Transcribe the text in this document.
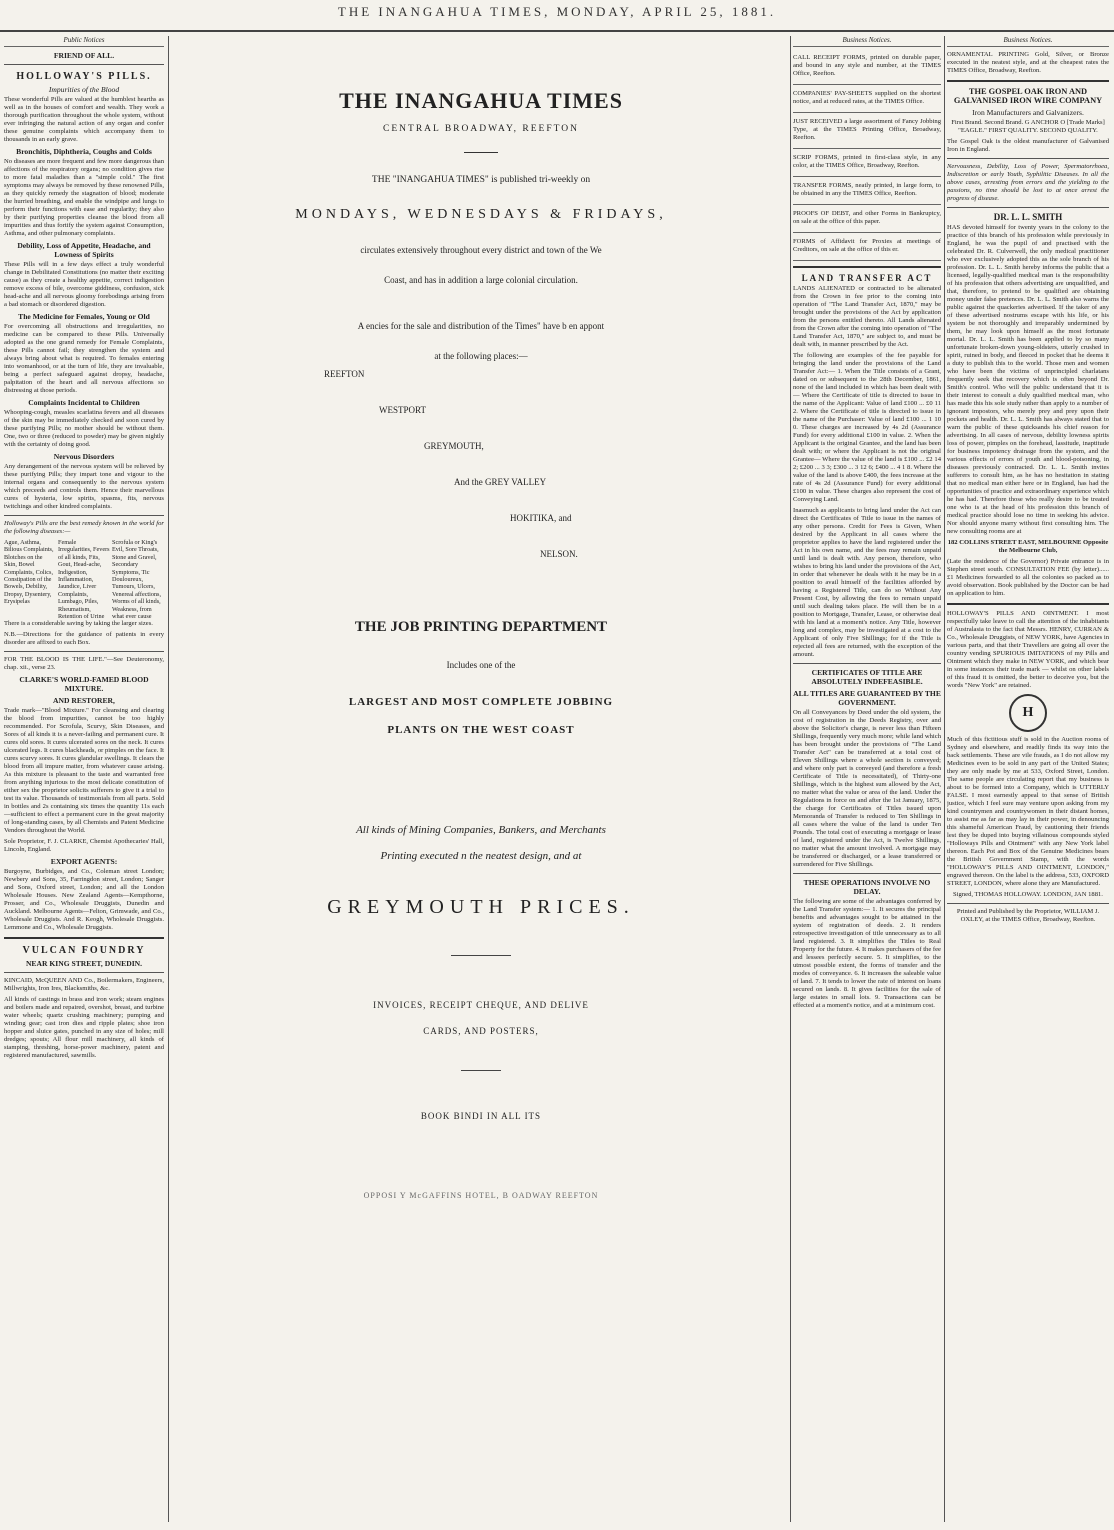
THE INANGAHUA TIMES, MONDAY, APRIL 25, 1881.
Public Notices
FRIEND OF ALL.
HOLLOWAY'S PILLS.
Impurities of the Blood

These wonderful Pills are valued at the humblest hearths as well as in the houses of comfort and wealth. They work a thorough purification throughout the whole system, without ever infringing the natural action of any organ and confer these genuine complaints which accompany them to thousands in an early grave.

Bronchitis, Diphtheria, Coughs and Colds

No diseases are more frequent and few more dangerous than affections of the respiratory organs; no condition gives rise to more fatal maladies than a "simple cold." The first symptoms may always be removed by these renowned Pills, as they quickly remedy the stagnation of blood; moderate the hurried breathing, and enable the windpipe and lungs to perform their functions with ease and regularity; they also by their purifying properties cleanse the blood from all impurities and thus fortify the system against Consumption, Asthma, and other pulmonary complaints.

Debility, Loss of Appetite, Headache, and Lowness of Spirits

These Pills will in a few days effect a truly wonderful change in Debilitated Constitutions (no matter their exciting cause) as they create a healthy appetite, correct indigestion remove excess of bile, overcome giddiness, confusion, sick head-ache and all nervous gloomy forebodings arising from a bad stomach or disordered digestion.

The Medicine for Females, Young or Old

For overcoming all obstructions and irregularities, no medicine can be compared to these Pills. Universally adopted as the one grand remedy for Female Complaints, these Pills cannot fail; they strengthen the system and always bring about what is required. To females entering into womanhood, or at the turn of life, they are invaluable, being a perfect safeguard against dropsy, headache, palpitation of the heart and all nervous affections so distressing at those periods.

Complaints Incidental to Children

Whooping-cough, measles scarlatina fevers and all diseases of the skin may be immediately checked and soon cured by these purifying Pills; no mother should be without them. One, two or three (reduced to powder) may be given nightly with the certainty of doing good.

Nervous Disorders

Any derangement of the nervous system will be relieved by these purifying Pills; they impart tone and vigour to the internal organs and consequently to the nervous system which preceeds and controls them. Hence their marvellous cures of hysteria, low spirits, spasms, fits, nervous twitchings and other kindred complaints.

Holloway's Pills are the best remedy known in the world for the following diseases:—

Ague, Asthma, Bilious Complaints, Blotches on the Skin, Bowel Complaints, Colics, Constipation of the Bowels, Debility, Dropsy, Dysentery, Erysipelas
Female Irregularities, Fevers of all kinds, Fits, Gout, Head-ache, Indigestion, Inflammation, Jaundice, Liver Complaints, Lumbago, Piles, Rheumatism, Retention of Urine
Scrofula or King's Evil, Sore Throats, Stone and Gravel, Secondary Symptoms, Tic Douloureux, Tumours, Ulcers, Venereal affections, Worms of all kinds, Weakness, from what ever cause

There is a considerable saving by taking the larger sizes.

N.B.—Directions for the guidance of patients in every disorder are affixed to each Box.

FOR THE BLOOD IS THE LIFE."—See Deuteronomy, chap. xii., verse 23.

CLARKE'S WORLD-FAMED BLOOD MIXTURE.
AND RESTORER,

Trade mark—"Blood Mixture." For cleansing and clearing the blood from impurities, cannot be too highly recommended. For Scrofula, Scurvy, Skin Diseases, and Sores of all kinds it is a never-failing and permanent cure. It cures old sores. It cures ulcerated sores on the neck. It cures ulcerated legs. It cures blackheads, or pimples on the face. It cures scurvy sores. It cures glandular swellings. It clears the blood from all impure matter, from whatever cause arising. As this mixture is pleasant to the taste and warranted free from anything injurious to the most delicate constitution of either sex the proprietor solicits sufferers to give it a trial to test its value. Thousands of testimonials from all parts. Sold in bottles and 2s containing six times the quantity 11s each—sufficient to effect a permanent cure in the great majority of long-standing cases, by all Chemists and Patent Medicine Vendors throughout the World.

Sole Proprietor, F. J. CLARKE, Chemist Apothecaries' Hall, Lincoln, England.

EXPORT AGENTS:

Burgoyne, Burbidges, and Co., Coleman street London; Newbery and Sons, 35, Farringdon street, London; Sanger and Sons, Oxford street, London; and all the London Wholesale Houses. New Zealand Agents—Kempthorne, Prosser, and Co., Wholesale Druggists, Dunedin and Auckland. Melbourne Agents—Felton, Grimwade, and Co., Wholesale Druggists. And R. Keogh, Wholesale Druggists. Lemmone and Co., Wholesale Druggists.

VULCAN FOUNDRY
NEAR KING STREET, DUNEDIN.

KINCAID, McQUEEN AND Co., Boilermakers, Engineers, Millwrights, Iron Ires, Blacksmiths, &c.

All kinds of castings in brass and iron work; steam engines and boilers made and repaired, overshot, breast, and turbine water wheels; quartz crushing machinery; pumping and winding gear; cast iron dies and ripple plates; shoe iron hopper and sluice gates, punched in any size of holes; mill dredges; spouts; All flour mill machinery, all kinds of stamping, threshing, horse-power machinery, patent and registered manufactured, sawmills.

THE INANGAHUA TIMES
CENTRAL BROADWAY, REEFTON
THE "INANGAHUA TIMES" is published tri-weekly on
MONDAYS, WEDNESDAYS & FRIDAYS,
circulates extensively throughout every district and town of the We
Coast, and has in addition a large colonial circulation.
A encies for the sale and distribution of the Times" have b en appont
at the following places:—
REEFTON
WESTPORT
GREYMOUTH,
And the GREY VALLEY
HOKITIKA, and
NELSON.
THE JOB PRINTING DEPARTMENT
Includes one of the
LARGEST AND MOST COMPLETE JOBBING
PLANTS ON THE WEST COAST
All kinds of Mining Companies, Bankers, and Merchants
Printing executed n the neatest design, and at
GREYMOUTH PRICES.
INVOICES, RECEIPT CHEQUE, AND DELIVE
CARDS, AND POSTERS,
BOOK BINDI IN ALL ITS
OPPOSI Y McGAFFINS HOTEL, B OADWAY REEFTON
Business Notices.

CALL RECEIPT FORMS, printed on durable paper, and bound in any style and number, at the TIMES Office, Reefton.

COMPANIES' PAY-SHEETS supplied on the shortest notice, and at reduced rates, at the TIMES Office.

JUST RECEIVED a large assortment of Fancy Jobbing Type, at the TIMES Printing Office, Broadway, Reefton.

SCRIP FORMS, printed in first-class style, in any color, at the TIMES Office, Broadway, Reefton.

TRANSFER FORMS, neatly printed, in large form, to be obtained in any the TIMES Office, Reefton.

PROOFS OF DEBT, and other Forms in Bankruptcy, on sale at the office of this paper.

FORMS of Affidavit for Proxies at meetings of Creditors, on sale at the office of this er.

LAND TRANSFER ACT

LANDS ALIENATED or contracted to be alienated from the Crown in fee prior to the coming into operation of "The Land Transfer Act, 1870," may be brought under the provisions of the Act by application from the persons entitled thereto. All Lands alienated from the Crown after the coming into operation of "The Land Transfer Act, 1870," are subject to, and must be dealt with, in manner prescribed by the Act.

The following are examples of the fee payable for bringing the land under the provisions of the Land Transfer Act:— 1. When the Title consists of a Grant, dated on or subsequent to the 28th December, 1861, none of the land included in which has been dealt with— Where the Certificate of title is directed to issue in the name of the Applicant: Value of land £100 ... £0 11 2. Where the Certificate of title is directed to issue in the name of the Purchaser: Value of land £100 ... 1 10 0. These charges are increased by 4s 2d (Assurance Fund) for every additional £100 in value. 2. When the Applicant is the original Grantee, and the land has been dealt with; or where the Applicant is not the original Grantee— Where the value of the land is £100 ... £2 14 2; £200 ... 3 3; £300 ... 3 12 6; £400 ... 4 1 8. Where the value of the land is above £400, the fees increase at the rate of 4s 2d (Assurance Fund) for every additional £100 in value. These charges also represent the cost of Conveying Land.

Inasmuch as applicants to bring land under the Act can direct the Certificates of Title to issue in the names of any other persons. Credit for Fees is Given, When desired by the Applicant in all cases where the proprietor applies to have the land registered under the Act in his own name, and the fees may remain unpaid until land is dealt with. Any person, therefore, who wishes to bring his land under the provisions of the Act, in order that whenever he deals with it he may be in a position to avail himself of the facilities afforded by having a Registered Title, can do so Without Any Present Cost, by allowing the fees to remain unpaid until such dealing takes place. He will then be in a position to Mortgage, Transfer, Lease, or otherwise deal with his land at a moment's notice. Any Title, however long and complex, may be investigated at a cost to the Applicant of only Five Shillings; for if the Title is rejected all fees are returned, with the exception of the amount.

CERTIFICATES OF TITLE ARE ABSOLUTELY INDEFEASIBLE.
ALL TITLES ARE GUARANTEED BY THE GOVERNMENT.

On all Conveyances by Deed under the old system, the cost of registration in the Deeds Registry, over and above the Solicitor's charge, is never less than Fifteen Shillings, frequently very much more; while land which has been brought under the provisions of "The Land Transfer Act" can be transferred at a total cost of Eleven Shillings where a whole section is conveyed; and where only part is conveyed (and therefore a fresh Certificate of Title is necessitated), of Thirty-one Shillings, which is the highest sum allowed by the Act, no matter what the value or area of the land. Under the Regulations in force on and after the 1st January, 1875, the charge for Certificates of Titles issued upon Memoranda of Transfer is reduced to Ten Shillings in all cases where the value of the land is under Ten Pounds. The total cost of executing a mortgage or lease of land, registered under the Act, is Twelve Shillings, no matter what the amount involved. A mortgage may be transferred or discharged, or a lease transferred or surrendered for Five Shillings.

THESE OPERATIONS INVOLVE NO DELAY.

The following are some of the advantages conferred by the Land Transfer system:— 1. It secures the principal benefits and advantages sought to be attained in the system of registration of deeds. 2. It renders retrospective investigation of title unnecessary as to all land registered. 3. It simplifies the Titles to Real Property for the future. 4. It makes purchasers of the fee and lessees perfectly secure. 5. It simplifies, to the utmost possible extent, the forms of transfer and the modes of conveyance. 6. It increases the saleable value of land. 7. It tends to lower the rate of interest on loans secured on lands. 8. It gives facilities for the sale of large estates in small lots. 9. Transactions can be effected at a moment's notice, and at a minimum cost.

Business Notices.

ORNAMENTAL PRINTING Gold, Silver, or Bronze executed in the neatest style, and at the cheapest rates the TIMES Office, Broadway, Reefton.

THE GOSPEL OAK IRON AND GALVANISED IRON WIRE COMPANY
Iron Manufacturers and Galvanizers.

First Brand. Second Brand. G ANCHOR O [Trade Marks] "EAGLE." FIRST QUALITY. SECOND QUALITY.

The Gospel Oak is the oldest manufacturer of Galvanised Iron in England.

Nervousness, Debility, Loss of Power, Spermatorrhoea, Indiscretion or early Youth, Syphilitic Diseases. In all the above cases, arresting from errors and the yielding to the passions, no time should be lost to at once arrest the progress of disease.

DR. L. L. SMITH

HAS devoted himself for twenty years in the colony to the practice of this branch of his profession while previously in England, he was the pupil of and practised with the celebrated Dr. R. Culverwell, the only medical practitioner who ever exclusively adopted this as the sole branch of his profession. Dr. L. L. Smith hereby informs the public that a licensed, legally-qualified medical man is the responsibility of his profession that others advertising are unqualified, and that, therefore, to pretend to be qualified are obtaining money under false pretences. Dr. L. L. Smith also warns the public against the quackeries advertised. If the taker of any of these advertised nostrums escape with his life, or his system be not thoroughly and irreparably undermined by them, he may look upon himself as the most fortunate mortal. Dr. L. L. Smith has been applied to by so many unfortunate broken-down young-oldsters, utterly crushed in spirit, ruined in body, and fleeced in pocket that he deems it a duty to publish this to the world. Those men and women who have been the victims of unprincipled charlatans frequently seek that recovery which is often beyond Dr. Smith's control. Who will the public understand that it is their interest to consult a duly qualified medical man, who has made this his sole study rather than apply to a number of ignorant impostors, who merely prey and prey upon their pockets and health. Dr. L. L. Smith has always stated that to warn the public of these quicksands his chief reason for advertising. In all cases of nervous, debility lowness spirits loss of power, pimples on the forehead, lassitude, inaptitude for business impotency drainage from the system, and the various effects of errors of youth and blood-poisoning, in diseases previously contracted. Dr. L. L. Smith invites sufferers to consult him, as he has no hesitation in stating that no medical man either here or in England, has had the opportunities of practice and extraordinary experience which he has had. Therefore those who really desire to be treated one who is at the head of his profession this branch of medical practice should lose no time in seeking his advice. Nor should anyone marry without first consulting him. The new consulting rooms are at

182 COLLINS STREET EAST, MELBOURNE Opposite the Melbourne Club,

(Late the residence of the Governor) Private entrance is in Stephen street south. CONSULTATION FEE (by letter)......£1 Medicines forwarded to all the colonies so packed as to avoid observation. Book published by the Doctor can be had on application to him.

HOLLOWAY'S PILLS AND OINTMENT. I most respectfully take leave to call the attention of the inhabitants of Australasia to the fact that Messrs. HENRY, CURRAN & Co., Wholesale Druggists, of NEW YORK, have Agencies in various parts, and that their Travellers are going all over the country vending SPURIOUS IMITATIONS of my Pills and Ointment which they make in NEW YORK, and which bear in some instances their trade mark — whilst on other labels of this fraud it is omitted, the better to deceive you, but the words "New York" are retained.

H

Much of this fictitious stuff is sold in the Auction rooms of Sydney and elsewhere, and readily finds its way into the back settlements. These are vile frauds, as I do not allow my Medicines even to be sold in any part of the United States; they are only made by me at 533, Oxford Street, London. The same people are circulating report that my business is about to be formed into a Company, which is UTTERLY FALSE. I most earnestly appeal to that sense of British justice, which I feel sure may venture upon asking from my kind countrymen and countrywomen in their distant homes, to assist me as far as may lay in their power, in denouncing this shameful American Fraud, by cautioning their friends lest they be duped into buying villainous compounds styled "Holloways Pills and Ointment" with any New York label thereon. Each Pot and Box of the Genuine Medicines bears the British Government Stamp, with the words "HOLLOWAY'S PILLS AND OINTMENT, LONDON," engraved thereon. On the label is the address, 533, OXFORD STREET, LONDON, where alone they are Manufactured.

Signed, THOMAS HOLLOWAY. LONDON, JAN 1881.

Printed and Published by the Proprietor, WILLIAM J. OXLEY, at the TIMES Office, Broadway, Reefton.
